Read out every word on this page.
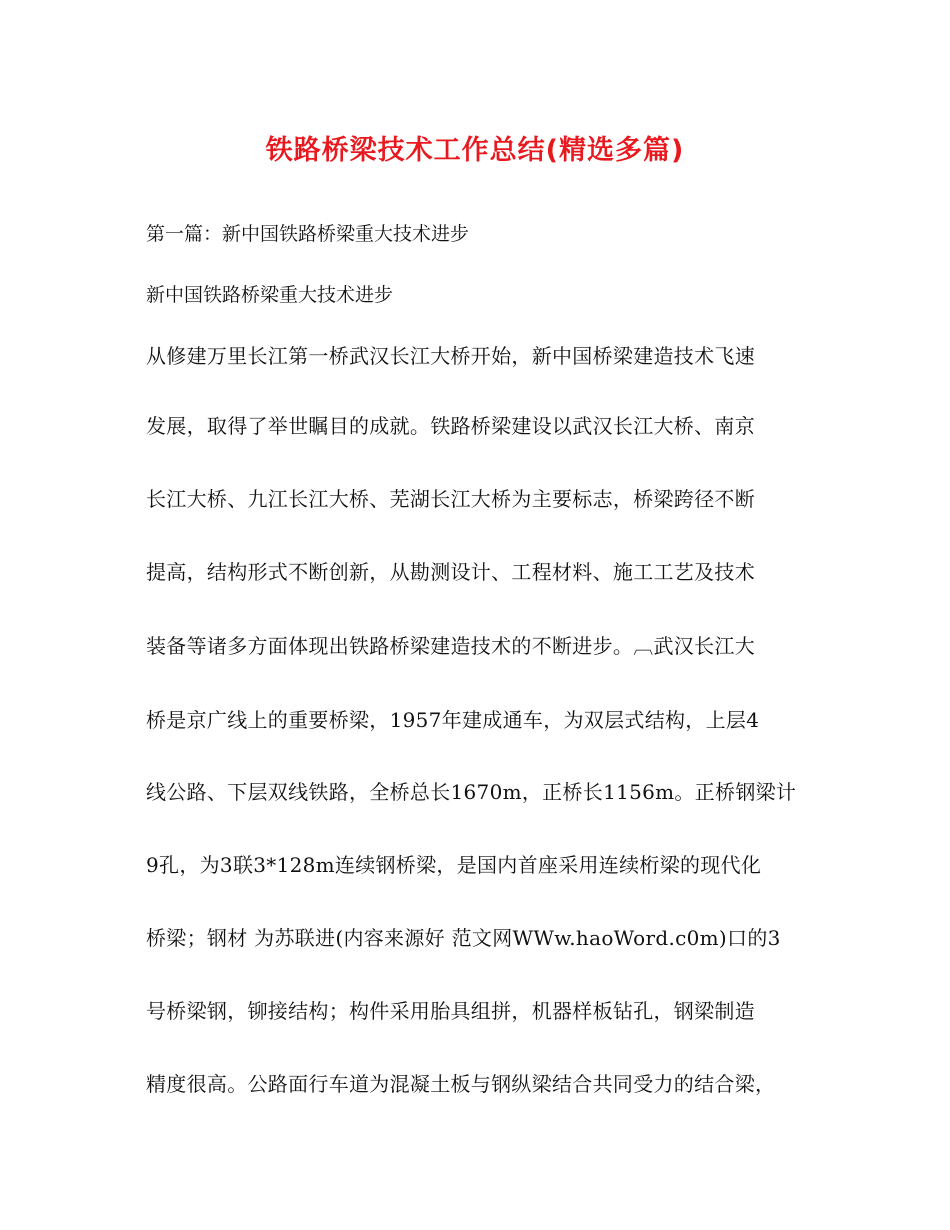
铁路桥梁技术工作总结(精选多篇)

第一篇：新中国铁路桥梁重大技术进步

新中国铁路桥梁重大技术进步

从修建万里长江第一桥武汉长江大桥开始，新中国桥梁建造技术飞速

发展，取得了举世瞩目的成就。铁路桥梁建设以武汉长江大桥、南京

长江大桥、九江长江大桥、芜湖长江大桥为主要标志，桥梁跨径不断

提高，结构形式不断创新，从勘测设计、工程材料、施工工艺及技术

装备等诸多方面体现出铁路桥梁建造技术的不断进步。︹武汉长江大

桥是京广线上的重要桥梁，1957年建成通车，为双层式结构，上层4

线公路、下层双线铁路，全桥总长1670m，正桥长1156m。正桥钢梁计

9孔，为3联3*128m连续钢桥梁，是国内首座采用连续桁梁的现代化

桥梁；钢材 为苏联进(内容来源好 范文网WWw.haoWord.c0m)口的3

号桥梁钢，铆接结构；构件采用胎具组拼，机器样板钻孔，钢梁制造

精度很高。公路面行车道为混凝土板与钢纵梁结合共同受力的结合梁，
